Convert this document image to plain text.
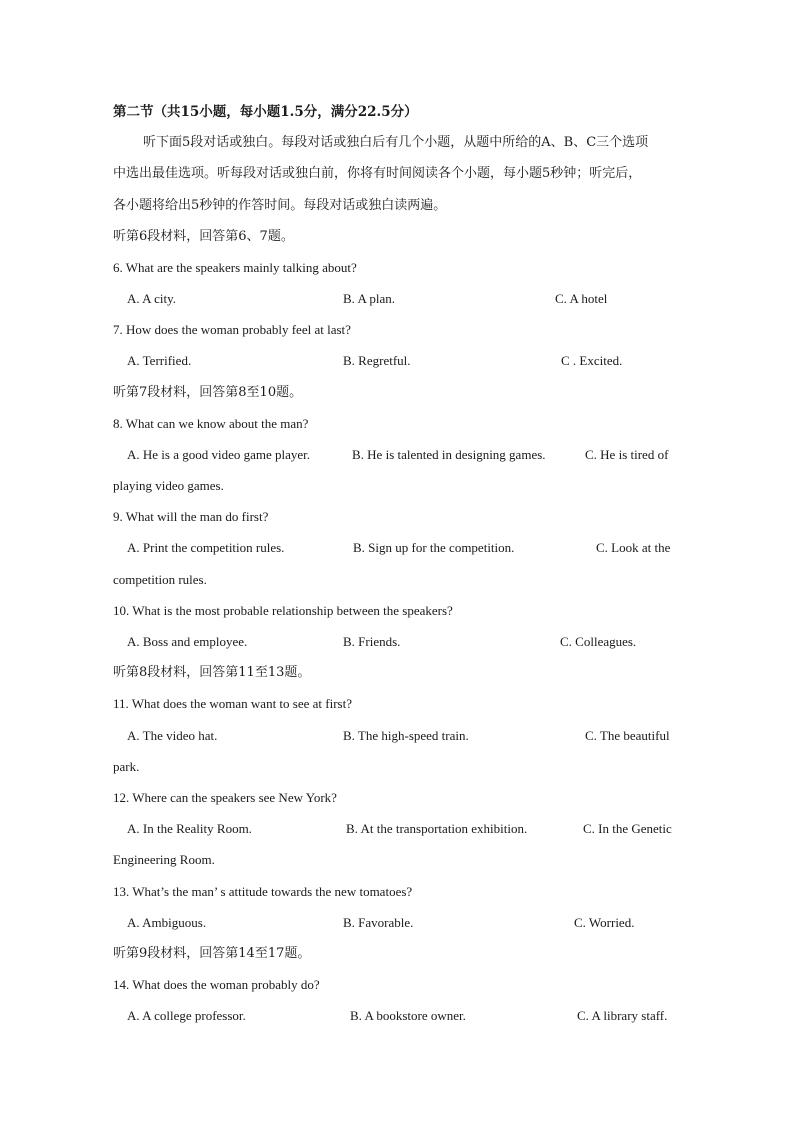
第二节（共15小题，每小题1.5分，满分22.5分）
听下面5段对话或独白。每段对话或独白后有几个小题，从题中所给的A、B、C三个选项
中选出最佳选项。听每段对话或独白前，你将有时间阅读各个小题，每小题5秒钟；听完后，
各小题将给出5秒钟的作答时间。每段对话或独白读两遍。
听第6段材料，回答第6、7题。
6. What are the speakers mainly talking about?
A. A city.	B. A plan.	C. A hotel
7. How does the woman probably feel at last?
A. Terrified.	B. Regretful.	C . Excited.
听第7段材料，回答第8至10题。
8. What can we know about the man?
A. He is a good video game player.	B. He is talented in designing games.	C. He is tired of
playing video games.
9. What will the man do first?
A. Print the competition rules.	B. Sign up for the competition.	C. Look at the
competition rules.
10. What is the most probable relationship between the speakers?
A. Boss and employee.	B. Friends.	C. Colleagues.
听第8段材料，回答第11至13题。
11. What does the woman want to see at first?
A. The video hat.	B. The high-speed train.	C. The beautiful
park.
12. Where can the speakers see New York?
A. In the Reality Room.	B. At the transportation exhibition.	C. In the Genetic
Engineering Room.
13. What’s the man’ s attitude towards the new tomatoes?
A. Ambiguous.	B. Favorable.	C. Worried.
听第9段材料，回答第14至17题。
14. What does the woman probably do?
A. A college professor.	B. A bookstore owner.	C. A library staff.
